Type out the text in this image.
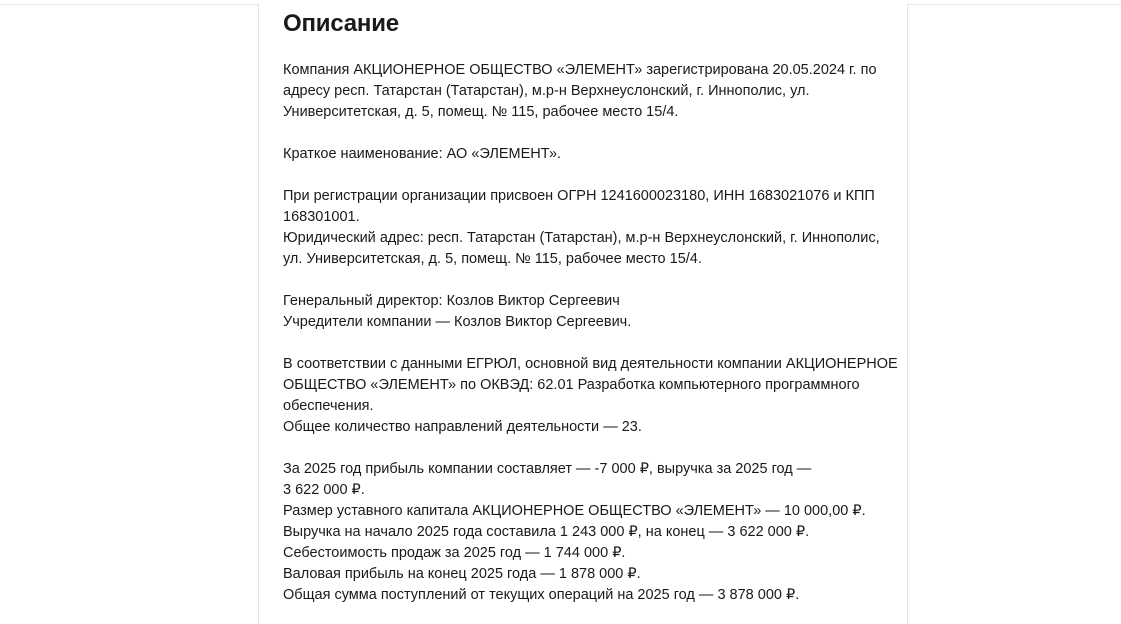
Описание
Компания АКЦИОНЕРНОЕ ОБЩЕСТВО «ЭЛЕМЕНТ» зарегистрирована 20.05.2024 г. по
адресу респ. Татарстан (Татарстан), м.р-н Верхнеуслонский, г. Иннополис, ул.
Университетская, д. 5, помещ. № 115, рабочее место 15/4.
Краткое наименование: АО «ЭЛЕМЕНТ».
При регистрации организации присвоен ОГРН 1241600023180, ИНН 1683021076 и КПП
168301001.
Юридический адрес: респ. Татарстан (Татарстан), м.р-н Верхнеуслонский, г. Иннополис,
ул. Университетская, д. 5, помещ. № 115, рабочее место 15/4.
Генеральный директор: Козлов Виктор Сергеевич
Учредители компании — Козлов Виктор Сергеевич.
В соответствии с данными ЕГРЮЛ, основной вид деятельности компании АКЦИОНЕРНОЕ
ОБЩЕСТВО «ЭЛЕМЕНТ» по ОКВЭД: 62.01 Разработка компьютерного программного
обеспечения.
Общее количество направлений деятельности — 23.
За 2025 год прибыль компании составляет — -7 000 ₽, выручка за 2025 год —
3 622 000 ₽.
Размер уставного капитала АКЦИОНЕРНОЕ ОБЩЕСТВО «ЭЛЕМЕНТ» — 10 000,00 ₽.
Выручка на начало 2025 года составила 1 243 000 ₽, на конец — 3 622 000 ₽.
Себестоимость продаж за 2025 год — 1 744 000 ₽.
Валовая прибыль на конец 2025 года — 1 878 000 ₽.
Общая сумма поступлений от текущих операций на 2025 год — 3 878 000 ₽.
